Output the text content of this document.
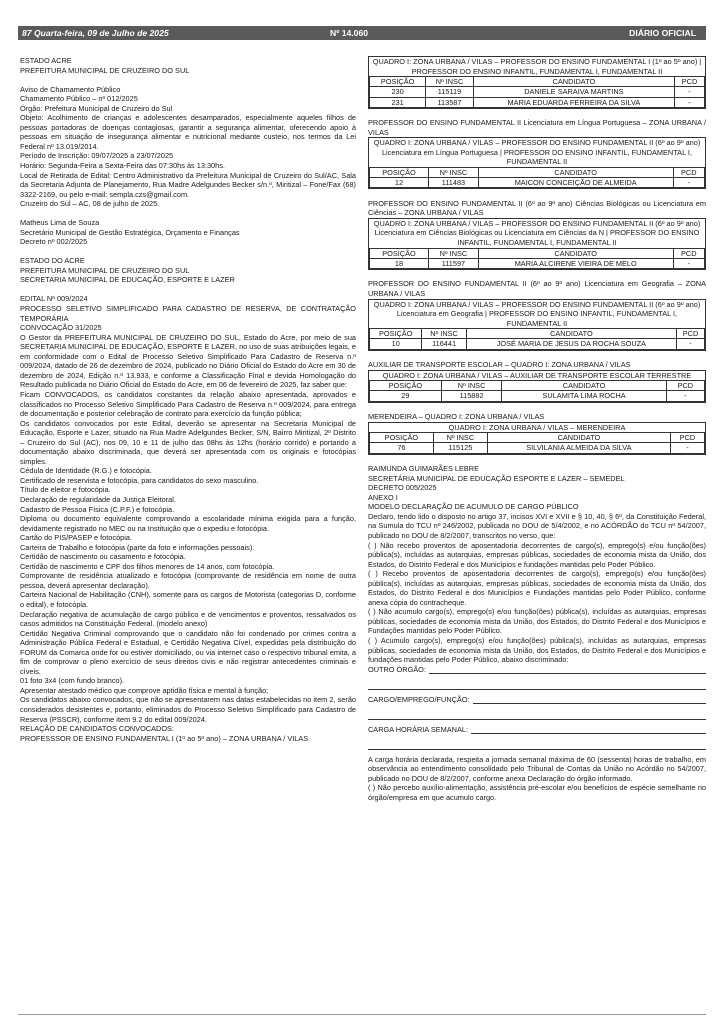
87 Quarta-feira, 09 de Julho de 2025	Nº 14.060	DIÁRIO OFICIAL

ESTADO ACRE

PREFEITURA MUNICIPAL DE CRUZEIRO DO SUL

Aviso de Chamamento Público

Chamamento Público – nº 012/2025

Órgão: Prefeitura Municipal de Cruzeiro do Sul

Objeto: Acolhimento de crianças e adolescentes desamparados, especialmente aqueles filhos de pessoas portadoras de doenças contagiosas, garantir a segurança alimentar, oferecendo apoio à pessoas em situação de insegurança alimentar e nutricional mediante custeio, nos termos da Lei Federal nº 13.019/2014.

Período de Inscrição: 09/07/2025 a 23/07/2025

Horário: Segunda-Feira a Sexta-Feira das 07:30hs às 13:30hs.

Local de Retirada de Edital: Centro Administrativo da Prefeitura Municipal de Cruzeiro do Sul/AC, Sala da Secretaria Adjunta de Planejamento, Rua Madre Adelgundes Becker s/n.º, Miritizal – Fone/Fax (68) 3322-2169, ou pelo e-mail: sempla.czs@gmail.com.

Cruzeiro do Sul – AC, 08 de julho de 2025.

Matheus Lima de Souza

Secretário Municipal de Gestão Estratégica, Orçamento e Finanças

Decreto nº 002/2025

ESTADO DO ACRE

PREFEITURA MUNICIPAL DE CRUZEIRO DO SUL

SECRETARIA MUNICIPAL DE EDUCAÇÃO, ESPORTE E LAZER

EDITAL Nº 009/2024

PROCESSO SELETIVO SIMPLIFICADO PARA CADASTRO DE RESERVA, DE CONTRATAÇÃO TEMPORÁRIA

CONVOCAÇÃO 31/2025

O Gestor da PREFEITURA MUNICIPAL DE CRUZEIRO DO SUL, Estado do Acre, por meio de sua SECRETARIA MUNICIPAL DE EDUCAÇÃO, ESPORTE E LAZER, no uso de suas atribuições legais, e em conformidade com o Edital de Processo Seletivo Simplificado Para Cadastro de Reserva n.º 009/2024, datado de 26 de dezembro de 2024, publicado no Diário Oficial do Estado do Acre em 30 de dezembro de 2024, Edição n.º 13.933, e conforme a Classificação Final e devida Homologação do Resultado publicada no Diário Oficial do Estado do Acre, em 06 de fevereiro de 2025, faz saber que:

Ficam CONVOCADOS, os candidatos constantes da relação abaixo apresentada, aprovados e classificados no Processo Seletivo Simplificado Para Cadastro de Reserva n.º 009/2024, para entrega de documentação e posterior celebração de contrato para exercício da função pública;

Os candidatos convocados por este Edital, deverão se apresentar na Secretaria Municipal de Educação, Esporte e Lazer, situado na Rua Madre Adelgundes Becker, S/N, Bairro Miritizal, 2º Distrito – Cruzeiro do Sul (AC), nos 09, 10 e 11 de julho das 08hs às 12hs (horário corrido) e portando a documentação abaixo discriminada, que deverá ser apresentada com os originais e fotocópias simples.

Cédula de Identidade (R.G.) e fotocópia.

Certificado de reservista e fotocópia, para candidatos do sexo masculino.

Título de eleitor e fotocópia.

Declaração de regularidade da Justiça Eleitoral.

Cadastro de Pessoa Física (C.P.F.) e fotocópia.

Diploma ou documento equivalente comprovando a escolaridade mínima exigida para a função, devidamente registrado no MEC ou na Instituição que o expediu e fotocópia.

Cartão do PIS/PASEP e fotocópia.

Carteira de Trabalho e fotocópia (parte da foto e informações pessoais).

Certidão de nascimento ou casamento e fotocópia.

Certidão de nascimento e CPF dos filhos menores de 14 anos, com fotocópia.

Comprovante de residência atualizado e fotocópia (comprovante de residência em nome de outra pessoa, deverá apresentar declaração).

Carteira Nacional de Habilitação (CNH), somente para os cargos de Motorista (categorias D, conforme o edital), e fotocópia.

Declaração negativa de acumulação de cargo público e de vencimentos e proventos, ressalvados os casos admitidos na Constituição Federal. (modelo anexo)

Certidão Negativa Criminal comprovando que o candidato não foi condenado por crimes contra a Administração Pública Federal e Estadual, e Certidão Negativa Cível, expedidas pela distribuição do FORUM da Comarca onde for ou estiver domiciliado, ou via internet caso o respectivo tribunal emita, a fim de comprovar o pleno exercício de seus direitos civis e não registrar antecedentes criminais e cíveis.

01 foto 3x4 (com fundo branco).

Apresentar atestado médico que comprove aptidão física e mental à função;

Os candidatos abaixo convocados, que não se apresentarem nas datas estabelecidas no item 2, serão considerados desistentes e, portanto, eliminados do Processo Seletivo Simplificado para Cadastro de Reserva (PSSCR), conforme item 9.2 do edital 009/2024.

RELAÇÃO DE CANDIDATOS CONVOCADOS:

PROFESSSOR DE ENSINO FUNDAMENTAL I (1º ao 5º ano) – ZONA URBANA / VILAS

QUADRO I: ZONA URBANA / VILAS – PROFESSOR DO ENSINO FUNDAMENTAL I (1º ao 5º ano) | PROFESSOR DO ENSINO INFANTIL, FUNDAMENTAL I, FUNDAMENTAL II
POSIÇÃO	Nº INSC	CANDIDATO	PCD
230	115119	DANIELE SARAIVA MARTINS	-
231	113587	MARIA EDUARDA FERREIRA DA SILVA	-

PROFESSOR DO ENSINO FUNDAMENTAL II Licenciatura em Língua Portuguesa – ZONA URBANA / VILAS

QUADRO I: ZONA URBANA / VILAS – PROFESSOR DO ENSINO FUNDAMENTAL II (6º ao 9º ano) Licenciatura em Língua Portuguesa | PROFESSOR DO ENSINO INFANTIL, FUNDAMENTAL I, FUNDAMENTAL II
POSIÇÃO	Nº INSC	CANDIDATO	PCD
12	111483	MAICON CONCEIÇÃO DE ALMEIDA	-

PROFESSOR DO ENSINO FUNDAMENTAL II (6º ao 9º ano) Ciências Biológicas ou Licenciatura em Ciências – ZONA URBANA / VILAS

QUADRO I: ZONA URBANA / VILAS – PROFESSOR DO ENSINO FUNDAMENTAL II (6º ao 9º ano) Licenciatura em Ciências Biológicas ou Licenciatura em Ciências da N | PROFESSOR DO ENSINO INFANTIL, FUNDAMENTAL I, FUNDAMENTAL II
POSIÇÃO	Nº INSC	CANDIDATO	PCD
18	111597	MARIA ALCIRENE VIEIRA DE MELO	-

PROFESSOR DO ENSINO FUNDAMENTAL II (6º ao 9º ano) Licenciatura em Geografia – ZONA URBANA / VILAS

QUADRO I: ZONA URBANA / VILAS – PROFESSOR DO ENSINO FUNDAMENTAL II (6º ao 9º ano) Licenciatura em Geografia | PROFESSOR DO ENSINO INFANTIL, FUNDAMENTAL I, FUNDAMENTAL II
POSIÇÃO	Nº INSC	CANDIDATO	PCD
10	116441	JOSÉ MARIA DE JESUS DA ROCHA SOUZA	-

AUXILIAR DE TRANSPORTE ESCOLAR – QUADRO I: ZONA URBANA / VILAS

QUADRO I: ZONA URBANA / VILAS – AUXILIAR DE TRANSPORTE ESCOLAR TERRESTRE
POSIÇÃO	Nº INSC	CANDIDATO	PCD
29	115882	SULAMITA LIMA ROCHA	-

MERENDEIRA – QUADRO I: ZONA URBANA / VILAS

QUADRO I: ZONA URBANA / VILAS – MERENDEIRA
POSIÇÃO	Nº INSC	CANDIDATO	PCD
76	115125	SILVILANIA ALMEIDA DA SILVA	-

RAIMUNDA GUIMARÃES LEBRE

SECRETÁRIA MUNICIPAL DE EDUCAÇÃO ESPORTE E LAZER – SEMEDEL

DECRETO 005/2025

ANEXO I

MODELO DECLARAÇÃO DE ACUMULO DE CARGO PÚBLICO

Declaro, tendo lido o disposto no artigo 37, incisos XVI e XVII e § 10, 40, § 6º, da Constituição Federal, na Sumula do TCU nº 246/2002, publicada no DOU de 5/4/2002, e no ACÓRDÃO do TCU nº 54/2007, publicado no DOU de 8/2/2007, transcritos no verso, que:

( ) Não recebo proventos de aposentadoria decorrentes de cargo(s), emprego(s) e/ou função(ões) pública(s), incluídas as autarquias, empresas públicas, sociedades de economia mista da União, dos Estados, do Distrito Federal e dos Municípios e fundações mantidas pelo Poder Público.

( ) Recebo proventos de aposentadoria decorrentes de cargo(s), emprego(s) e/ou função(ões) pública(s), incluídas as autarquias, empresas públicas, sociedades de economia mista da União, dos Estados, do Distrito Federal e dos Municípios e Fundações mantidas pelo Poder Público, conforme anexa cópia do contracheque.

( ) Não acumulo cargo(s), emprego(s) e/ou função(ões) pública(s), incluídas as autarquias, empresas públicas, sociedades de economia mista da União, dos Estados, do Distrito Federal e dos Municípios e Fundações mantidas pelo Poder Público.

( ) Acumulo cargo(s), emprego(s) e/ou função(ões) pública(s), incluídas as autarquias, empresas públicas, sociedades de economia mista da União, dos Estados, do Distrito Federal e dos Municípios e fundações mantidas pelo Poder Público, abaixo discriminado:

OUTRO ÓRGÃO:
CARGO/EMPREGO/FUNÇÃO:
CARGA HORÁRIA SEMANAL:

A carga horária declarada, respeita a jornada semanal máxima de 60 (sessenta) horas de trabalho, em observância ao entendimento consolidado pelo Tribunal de Contas da União no Acórdão no 54/2007, publicado no DOU de 8/2/2007, conforme anexa Declaração do órgão informado.

( ) Não percebo auxílio-alimentação, assistência pré-escolar e/ou benefícios de espécie semelhante no órgão/empresa em que acumulo cargo.
